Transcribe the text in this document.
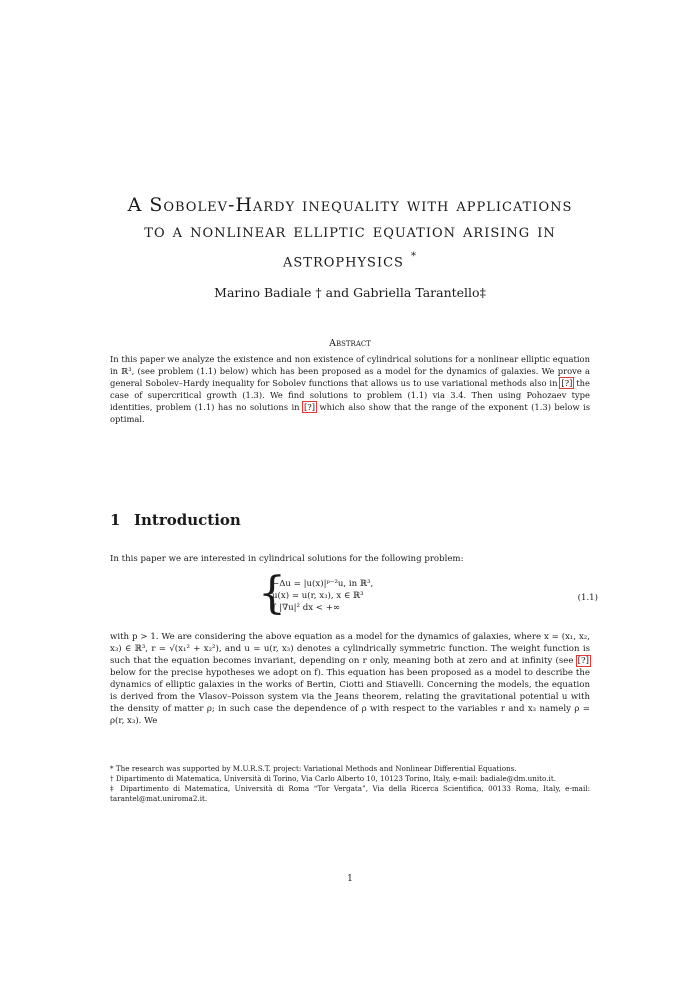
A Sobolev-Hardy inequality with applications
to a nonlinear elliptic equation arising in
astrophysics *
Marino Badiale † and Gabriella Tarantello‡
Abstract
In this paper we analyze the existence and non existence of cylindrical solutions for a nonlinear elliptic equation in ℝ³, (see problem (1.1) below) which has been proposed as a model for the dynamics of galaxies. We prove a general Sobolev–Hardy inequality for Sobolev functions that allows us to use variational methods also in [?] the case of supercritical growth (1.3). We find solutions to problem (1.1) via 3.4. Then using Pohozaev type identities, problem (1.1) has no solutions in [?] which also show that the range of the exponent (1.3) below is optimal.
1 Introduction
In this paper we are interested in cylindrical solutions for the following problem:
{
−Δu = |u(x)|ᵖ⁻²u, in ℝ³,
u(x) = u(r, x₃), x ∈ ℝ³
∫ |∇u|² dx < +∞
(1.1)
with p > 1. We are considering the above equation as a model for the dynamics of galaxies, where x = (x₁, x₂, x₃) ∈ ℝ³, r = √(x₁² + x₂²), and u = u(r, x₃) denotes a cylindrically symmetric function. The weight function is such that the equation becomes invariant, depending on r only, meaning both at zero and at infinity (see [?] below for the precise hypotheses we adopt on f). This equation has been proposed as a model to describe the dynamics of elliptic galaxies in the works of Bertin, Ciotti and Stiavelli. Concerning the models, the equation is derived from the Vlasov–Poisson system via the Jeans theorem, relating the gravitational potential u with the density of matter ρ; in such case the dependence of ρ with respect to the variables r and x₃ namely ρ = ρ(r, x₃). We

* The research was supported by M.U.R.S.T. project: Variational Methods and Nonlinear Differential Equations.

† Dipartimento di Matematica, Università di Torino, Via Carlo Alberto 10, 10123 Torino, Italy, e-mail: badiale@dm.unito.it.

‡ Dipartimento di Matematica, Università di Roma “Tor Vergata”, Via della Ricerca Scientifica, 00133 Roma, Italy, e-mail: tarantel@mat.uniroma2.it.

1
